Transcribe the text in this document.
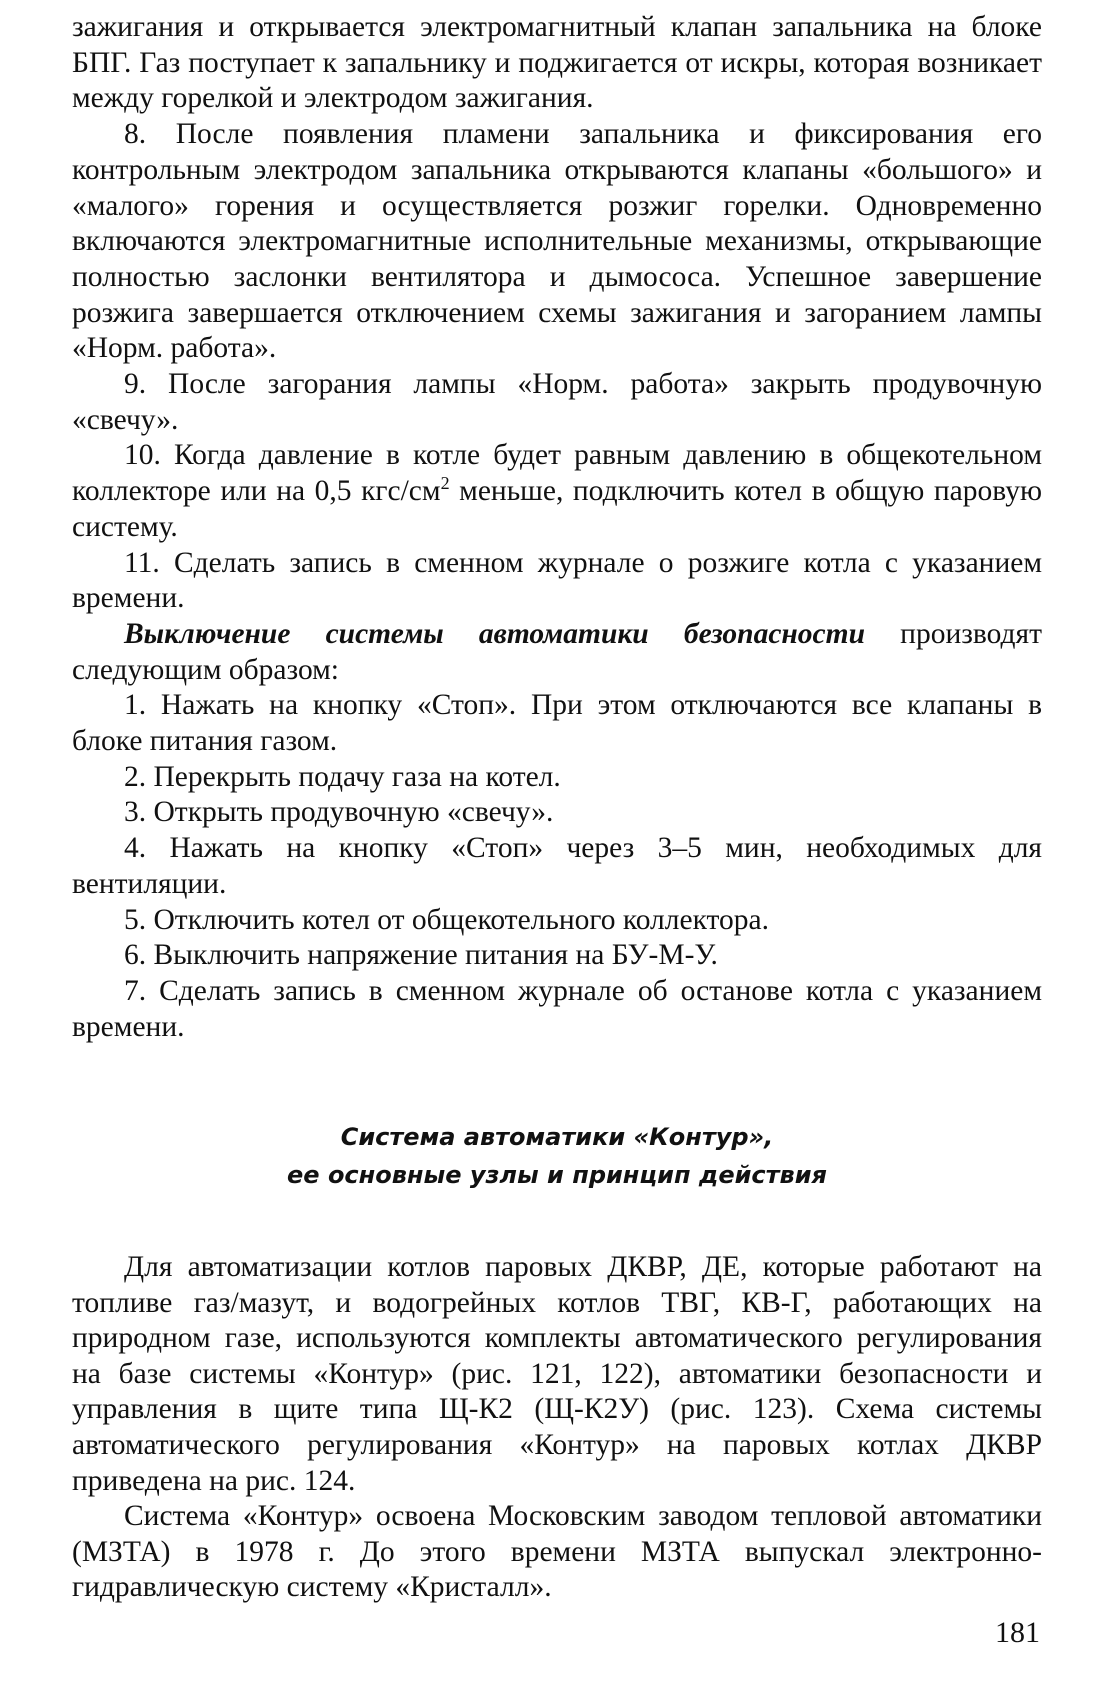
зажигания и открывается электромагнитный клапан запальника на блоке БПГ. Газ поступает к запальнику и поджигается от искры, которая возникает между горелкой и электродом зажигания.

8. После появления пламени запальника и фиксирования его контрольным электродом запальника открываются клапаны «большого» и «малого» горения и осуществляется розжиг горелки. Одновременно включаются электромагнитные исполнительные механизмы, открывающие полностью заслонки вентилятора и дымососа. Успешное завершение розжига завершается отключением схемы зажигания и загоранием лампы «Норм. работа».

9. После загорания лампы «Норм. работа» закрыть продувочную «свечу».

10. Когда давление в котле будет равным давлению в общекотельном коллекторе или на 0,5 кгс/$см^2$ меньше, подключить котел в общую паровую систему.

11. Сделать запись в сменном журнале о розжиге котла с указанием времени.

Выключение системы автоматики безопасности производят следующим образом:

1. Нажать на кнопку «Стоп». При этом отключаются все клапаны в блоке питания газом.

2. Перекрыть подачу газа на котел.

3. Открыть продувочную «свечу».

4. Нажать на кнопку «Стоп» через 3–5 мин, необходимых для вентиляции.

5. Отключить котел от общекотельного коллектора.

6. Выключить напряжение питания на БУ-М-У.

7. Сделать запись в сменном журнале об останове котла с указанием времени.

Система автоматики «Контур»,

ее основные узлы и принцип действия

Для автоматизации котлов паровых ДКВР, ДЕ, которые работают на топливе газ/мазут, и водогрейных котлов ТВГ, КВ-Г, работающих на природном газе, используются комплекты автоматического регулирования на базе системы «Контур» (рис. 121, 122), автоматики безопасности и управления в щите типа Щ-К2 (Щ-К2У) (рис. 123). Схема системы автоматического регулирования «Контур» на паровых котлах ДКВР приведена на рис. 124.

Система «Контур» освоена Московским заводом тепловой автоматики (МЗТА) в 1978 г. До этого времени МЗТА выпускал электронно-гидравлическую систему «Кристалл».

181
